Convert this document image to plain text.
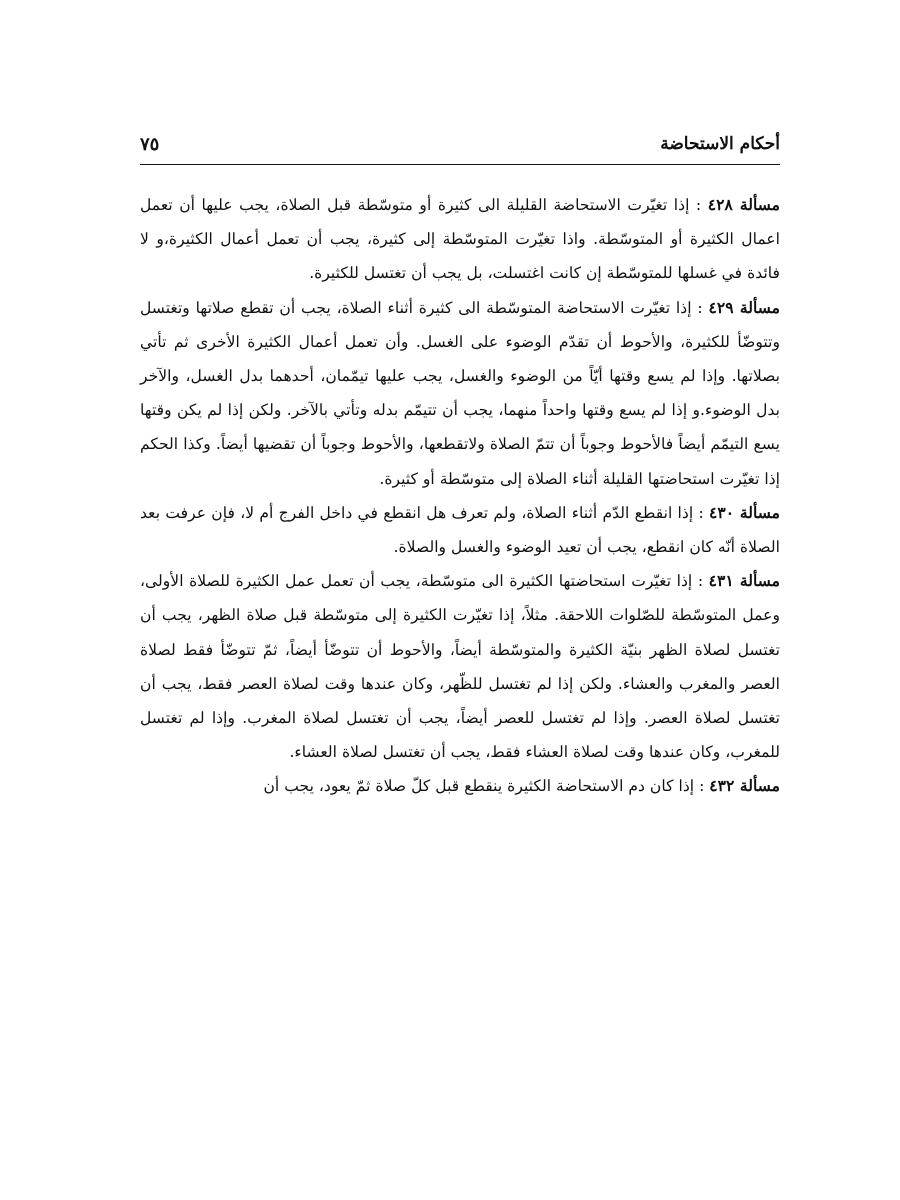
أحكام الاستحاضة
٧٥

مسألة ٤٢٨ : إذا تغيّرت الاستحاضة القليلة الى كثيرة أو متوسّطة قبل الصلاة، يجب عليها أن تعمل اعمال الكثيرة أو المتوسّطة. واذا تغيّرت المتوسّطة إلى كثيرة، يجب أن تعمل أعمال الكثيرة،و لا فائدة في غسلها للمتوسّطة إن كانت اغتسلت، بل يجب أن تغتسل للكثيرة.

مسألة ٤٢٩ : إذا تغيّرت الاستحاضة المتوسّطة الى كثيرة أثناء الصلاة، يجب أن تقطع صلاتها وتغتسل وتتوضّأ للكثيرة، والأحوط أن تقدّم الوضوء على الغسل. وأن تعمل أعمال الكثيرة الأخرى ثم تأتي بصلاتها. وإذا لم يسع وقتها أيّاً من الوضوء والغسل، يجب عليها تيمّمان، أحدهما بدل الغسل، والآخر بدل الوضوء.و إذا لم يسع وقتها واحداً منهما، يجب أن تتيمّم بدله وتأتي بالآخر. ولكن إذا لم يكن وقتها يسع التيمّم أيضاً فالأحوط وجوباً أن تتمّ الصلاة ولاتقطعها، والأحوط وجوباً أن تقضيها أيضاً. وكذا الحكم إذا تغيّرت استحاضتها القليلة أثناء الصلاة إلى متوسّطة أو كثيرة.

مسألة ٤٣٠ : إذا انقطع الدّم أثناء الصلاة، ولم تعرف هل انقطع في داخل الفرج أم لا، فإن عرفت بعد الصلاة أنّه كان انقطع، يجب أن تعيد الوضوء والغسل والصلاة.

مسألة ٤٣١ : إذا تغيّرت استحاضتها الكثيرة الى متوسّطة، يجب أن تعمل عمل الكثيرة للصلاة الأولى، وعمل المتوسّطة للصّلوات اللاحقة. مثلاً، إذا تغيّرت الكثيرة إلى متوسّطة قبل صلاة الظهر، يجب أن تغتسل لصلاة الظهر بنيّة الكثيرة والمتوسّطة أيضاً، والأحوط أن تتوضّأ أيضاً، ثمّ تتوضّأ فقط لصلاة العصر والمغرب والعشاء. ولكن إذا لم تغتسل للظّهر، وكان عندها وقت لصلاة العصر فقط، يجب أن تغتسل لصلاة العصر. وإذا لم تغتسل للعصر أيضاً، يجب أن تغتسل لصلاة المغرب. وإذا لم تغتسل للمغرب، وكان عندها وقت لصلاة العشاء فقط، يجب أن تغتسل لصلاة العشاء.

مسألة ٤٣٢ : إذا كان دم الاستحاضة الكثيرة ينقطع قبل كلّ صلاة ثمّ يعود، يجب أن
